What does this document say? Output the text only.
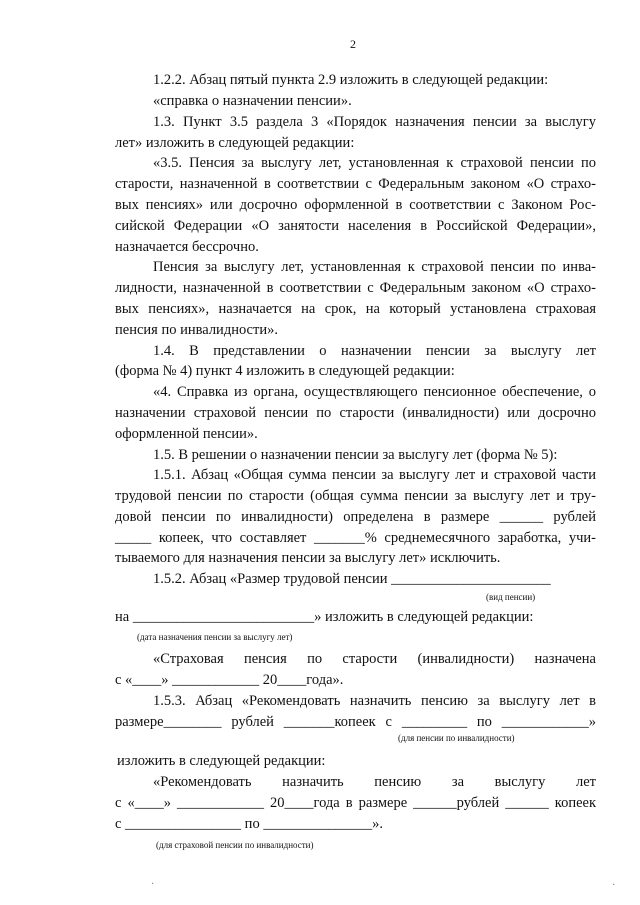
2

1.2.2. Абзац пятый пункта 2.9 изложить в следующей редакции:

«справка о назначении пенсии».

1.3. Пункт 3.5 раздела 3 «Порядок назначения пенсии за выслугу

лет» изложить в следующей редакции:

«3.5. Пенсия за выслугу лет, установленная к страховой пенсии по

старости, назначенной в соответствии с Федеральным законом «О страхо-

вых пенсиях» или досрочно оформленной в соответствии с Законом Рос-

сийской Федерации «О занятости населения в Российской Федерации»,

назначается бессрочно.

Пенсия за выслугу лет, установленная к страховой пенсии по инва-

лидности, назначенной в соответствии с Федеральным законом «О страхо-

вых пенсиях», назначается на срок, на который установлена страховая

пенсия по инвалидности».

1.4. В представлении о назначении пенсии за выслугу лет

(форма № 4) пункт 4 изложить в следующей редакции:

«4. Справка из органа, осуществляющего пенсионное обеспечение, о

назначении страховой пенсии по старости (инвалидности) или досрочно

оформленной пенсии».

1.5. В решении о назначении пенсии за выслугу лет (форма № 5):

1.5.1. Абзац «Общая сумма пенсии за выслугу лет и страховой части

трудовой пенсии по старости (общая сумма пенсии за выслугу лет и тру-

довой пенсии по инвалидности) определена в размере ______ рублей

_____ копеек, что составляет _______% среднемесячного заработка, учи-

тываемого для назначения пенсии за выслугу лет» исключить.

1.5.2. Абзац «Размер трудовой пенсии ______________________

(вид пенсии)

на _________________________» изложить в следующей редакции:

(дата назначения пенсии за выслугу лет)

«Страховая пенсия по старости (инвалидности) назначена

с «____» ____________ 20____года».

1.5.3. Абзац «Рекомендовать назначить пенсию за выслугу лет в

размере________ рублей _______копеек с _________ по ____________»

(для пенсии по инвалидности)

изложить в следующей редакции:

«Рекомендовать назначить пенсию за выслугу лет

с «____» ____________ 20____года в размере ______рублей ______ копеек

с ________________ по _______________».

(для страховой пенсии по инвалидности)

·	·
